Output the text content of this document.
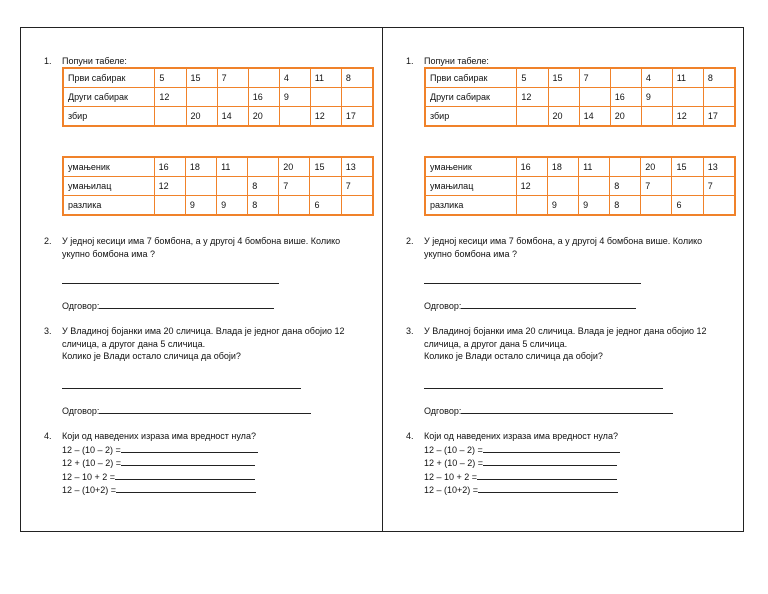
1.	Попуни табеле:
Први сабирак	5	15	7		4	11	8
Други сабирак	12			16	9		
збир		20	14	20		12	17
умањеник	16	18	11		20	15	13
умањилац	12			8	7		7
разлика		9	9	8		6	
2.	У једној кесици има 7 бомбона, а у другој 4 бомбона више. Колико
укупно бомбона има ?
Одговор:
3.	У Владиној бојанки има 20 сличица. Влада је једног дана обојио 12
сличица, а другог дана 5 сличица.
Колико је Влади остало сличица да обоји?
Одговор:
4.	Који од наведених израза има вредност нула?
12 – (10 – 2) =
12 + (10 – 2) =
12 – 10 + 2 =
12 – (10+2) =
1.	Попуни табеле:
Први сабирак	5	15	7		4	11	8
Други сабирак	12			16	9		
збир		20	14	20		12	17
умањеник	16	18	11		20	15	13
умањилац	12			8	7		7
разлика		9	9	8		6	
2.	У једној кесици има 7 бомбона, а у другој 4 бомбона више. Колико
укупно бомбона има ?
Одговор:
3.	У Владиној бојанки има 20 сличица. Влада је једног дана обојио 12
сличица, а другог дана 5 сличица.
Колико је Влади остало сличица да обоји?
Одговор:
4.	Који од наведених израза има вредност нула?
12 – (10 – 2) =
12 + (10 – 2) =
12 – 10 + 2 =
12 – (10+2) =
